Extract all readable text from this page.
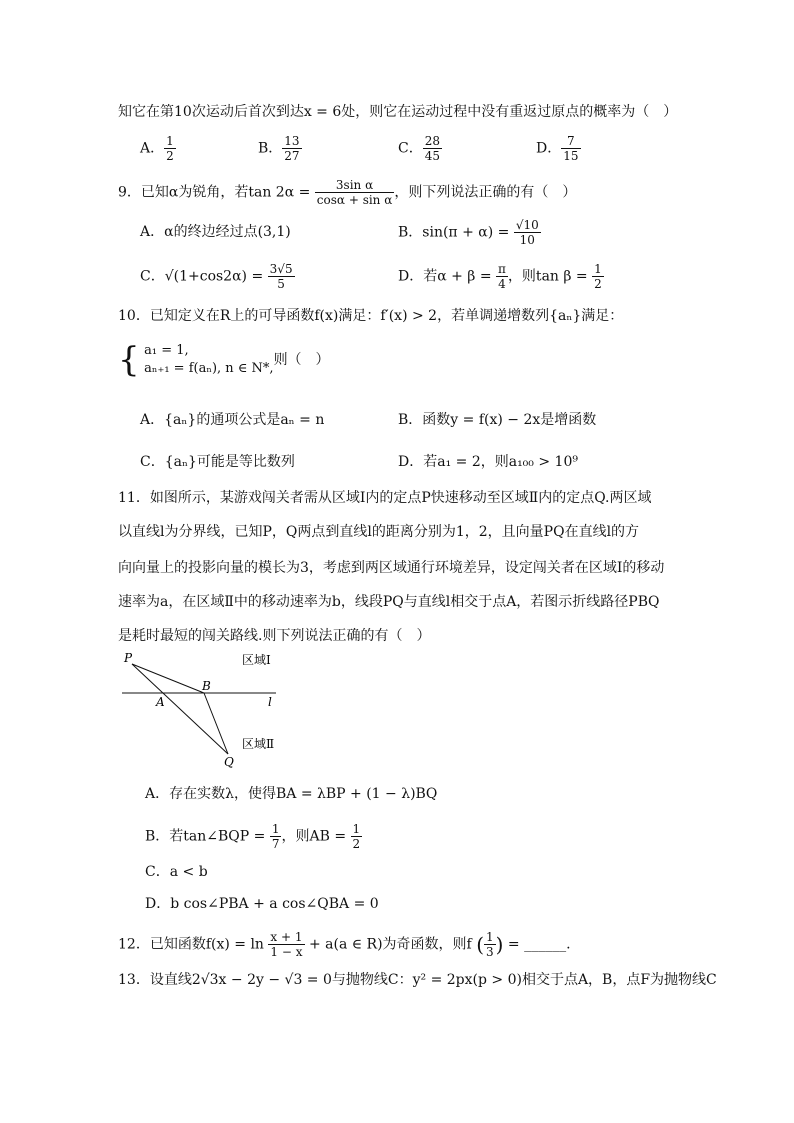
知它在第10次运动后首次到达x = 6处，则它在运动过程中没有重返过原点的概率为（　）
A． $\frac{1}{2}$	B． $\frac{13}{27}$	C． $\frac{28}{45}$	D． $\frac{7}{15}$
9．已知α为锐角，若$\tan 2\alpha = \frac{\text{3sin α}}{\text{cosα + sin α}}$ ，则下列说法正确的有（　）
A．α的终边经过点(3,1)	B．$\sin(\pi + \alpha) = \frac{√10}{10}$
C．$√(1+\cos 2\alpha) = \frac{3√5}{5}$	D．若$\alpha + \beta = \frac{\pi}{4}$ ，则$\tan \beta = \frac{1}{2}$
10．已知定义在R上的可导函数f(x)满足：f′(x) > 2，若单调递增数列{aₙ}满足：
{ a₁ = 1,
aₙ₊₁ = f(aₙ), n ∈ N*,
则（　）
A．{aₙ}的通项公式是aₙ = n	B．函数y = f(x) − 2x是增函数
C．{aₙ}可能是等比数列	D．若a₁ = 2，则a₁₀₀ > 10⁹
11．如图所示，某游戏闯关者需从区域Ⅰ内的定点P快速移动至区域Ⅱ内的定点Q.两区域
以直线l为分界线，已知P，Q两点到直线l的距离分别为1，2，且向量PQ在直线l的方
向向量上的投影向量的模长为3，考虑到两区域通行环境差异，设定闯关者在区域Ⅰ的移动
速率为a，在区域Ⅱ中的移动速率为b，线段PQ与直线l相交于点A，若图示折线路径PBQ
是耗时最短的闯关路线.则下列说法正确的有（　）
P
Q
A
B
l
区域Ⅰ
区域Ⅱ
A．存在实数λ，使得BA = λBP + (1 − λ)BQ
B．若tan∠BQP = $\frac{1}{7}$ ，则AB = $\frac{1}{2}$
C．a < b
D．b cos∠PBA + a cos∠QBA = 0
12．已知函数$f(x) = \ln \frac{x + 1}{1 - x} + a(a$ ∈ R)为奇函数，则f ( $\frac{1}{3}$ ) = ______.
13．设直线2√3x − 2y − √3 = 0与抛物线C：y² = 2px(p > 0)相交于点A，B，点F为抛物线C
